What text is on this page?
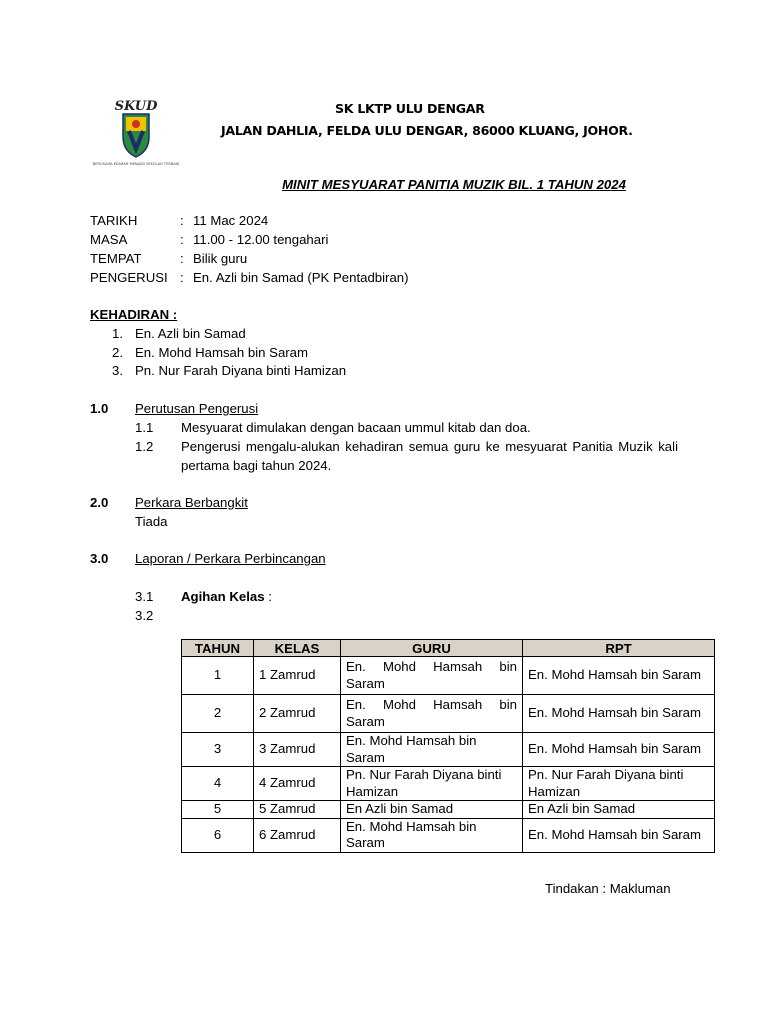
SKUD
BERUSAHA KEARAH MENJADI SEKOLAH TERBAIK
SK LKTP ULU DENGAR
JALAN DAHLIA, FELDA ULU DENGAR, 86000 KLUANG, JOHOR.
MINIT MESYUARAT PANITIA MUZIK BIL. 1 TAHUN 2024
TARIKH	: 11 Mac 2024
MASA	: 11.00 - 12.00 tengahari
TEMPAT	: Bilik guru
PENGERUSI : En. Azli bin Samad (PK Pentadbiran)
KEHADIRAN :
1. En. Azli bin Samad
2. En. Mohd Hamsah bin Saram
3. Pn. Nur Farah Diyana binti Hamizan
1.0 Perutusan Pengerusi
1.1 Mesyuarat dimulakan dengan bacaan ummul kitab dan doa.
1.2 Pengerusi mengalu-alukan kehadiran semua guru ke mesyuarat Panitia Muzik kali pertama bagi tahun 2024.
2.0 Perkara Berbangkit
Tiada
3.0 Laporan / Perkara Perbincangan
3.1 Agihan Kelas :
3.2
TAHUN	KELAS	GURU	RPT
1	1 Zamrud	En. Mohd Hamsah bin Saram	En. Mohd Hamsah bin Saram
2	2 Zamrud	En. Mohd Hamsah bin Saram	En. Mohd Hamsah bin Saram
3	3 Zamrud	En. Mohd Hamsah bin Saram	En. Mohd Hamsah bin Saram
4	4 Zamrud	Pn. Nur Farah Diyana binti Hamizan	Pn. Nur Farah Diyana binti Hamizan
5	5 Zamrud	En Azli bin Samad	En Azli bin Samad
6	6 Zamrud	En. Mohd Hamsah bin Saram	En. Mohd Hamsah bin Saram
Tindakan : Makluman
